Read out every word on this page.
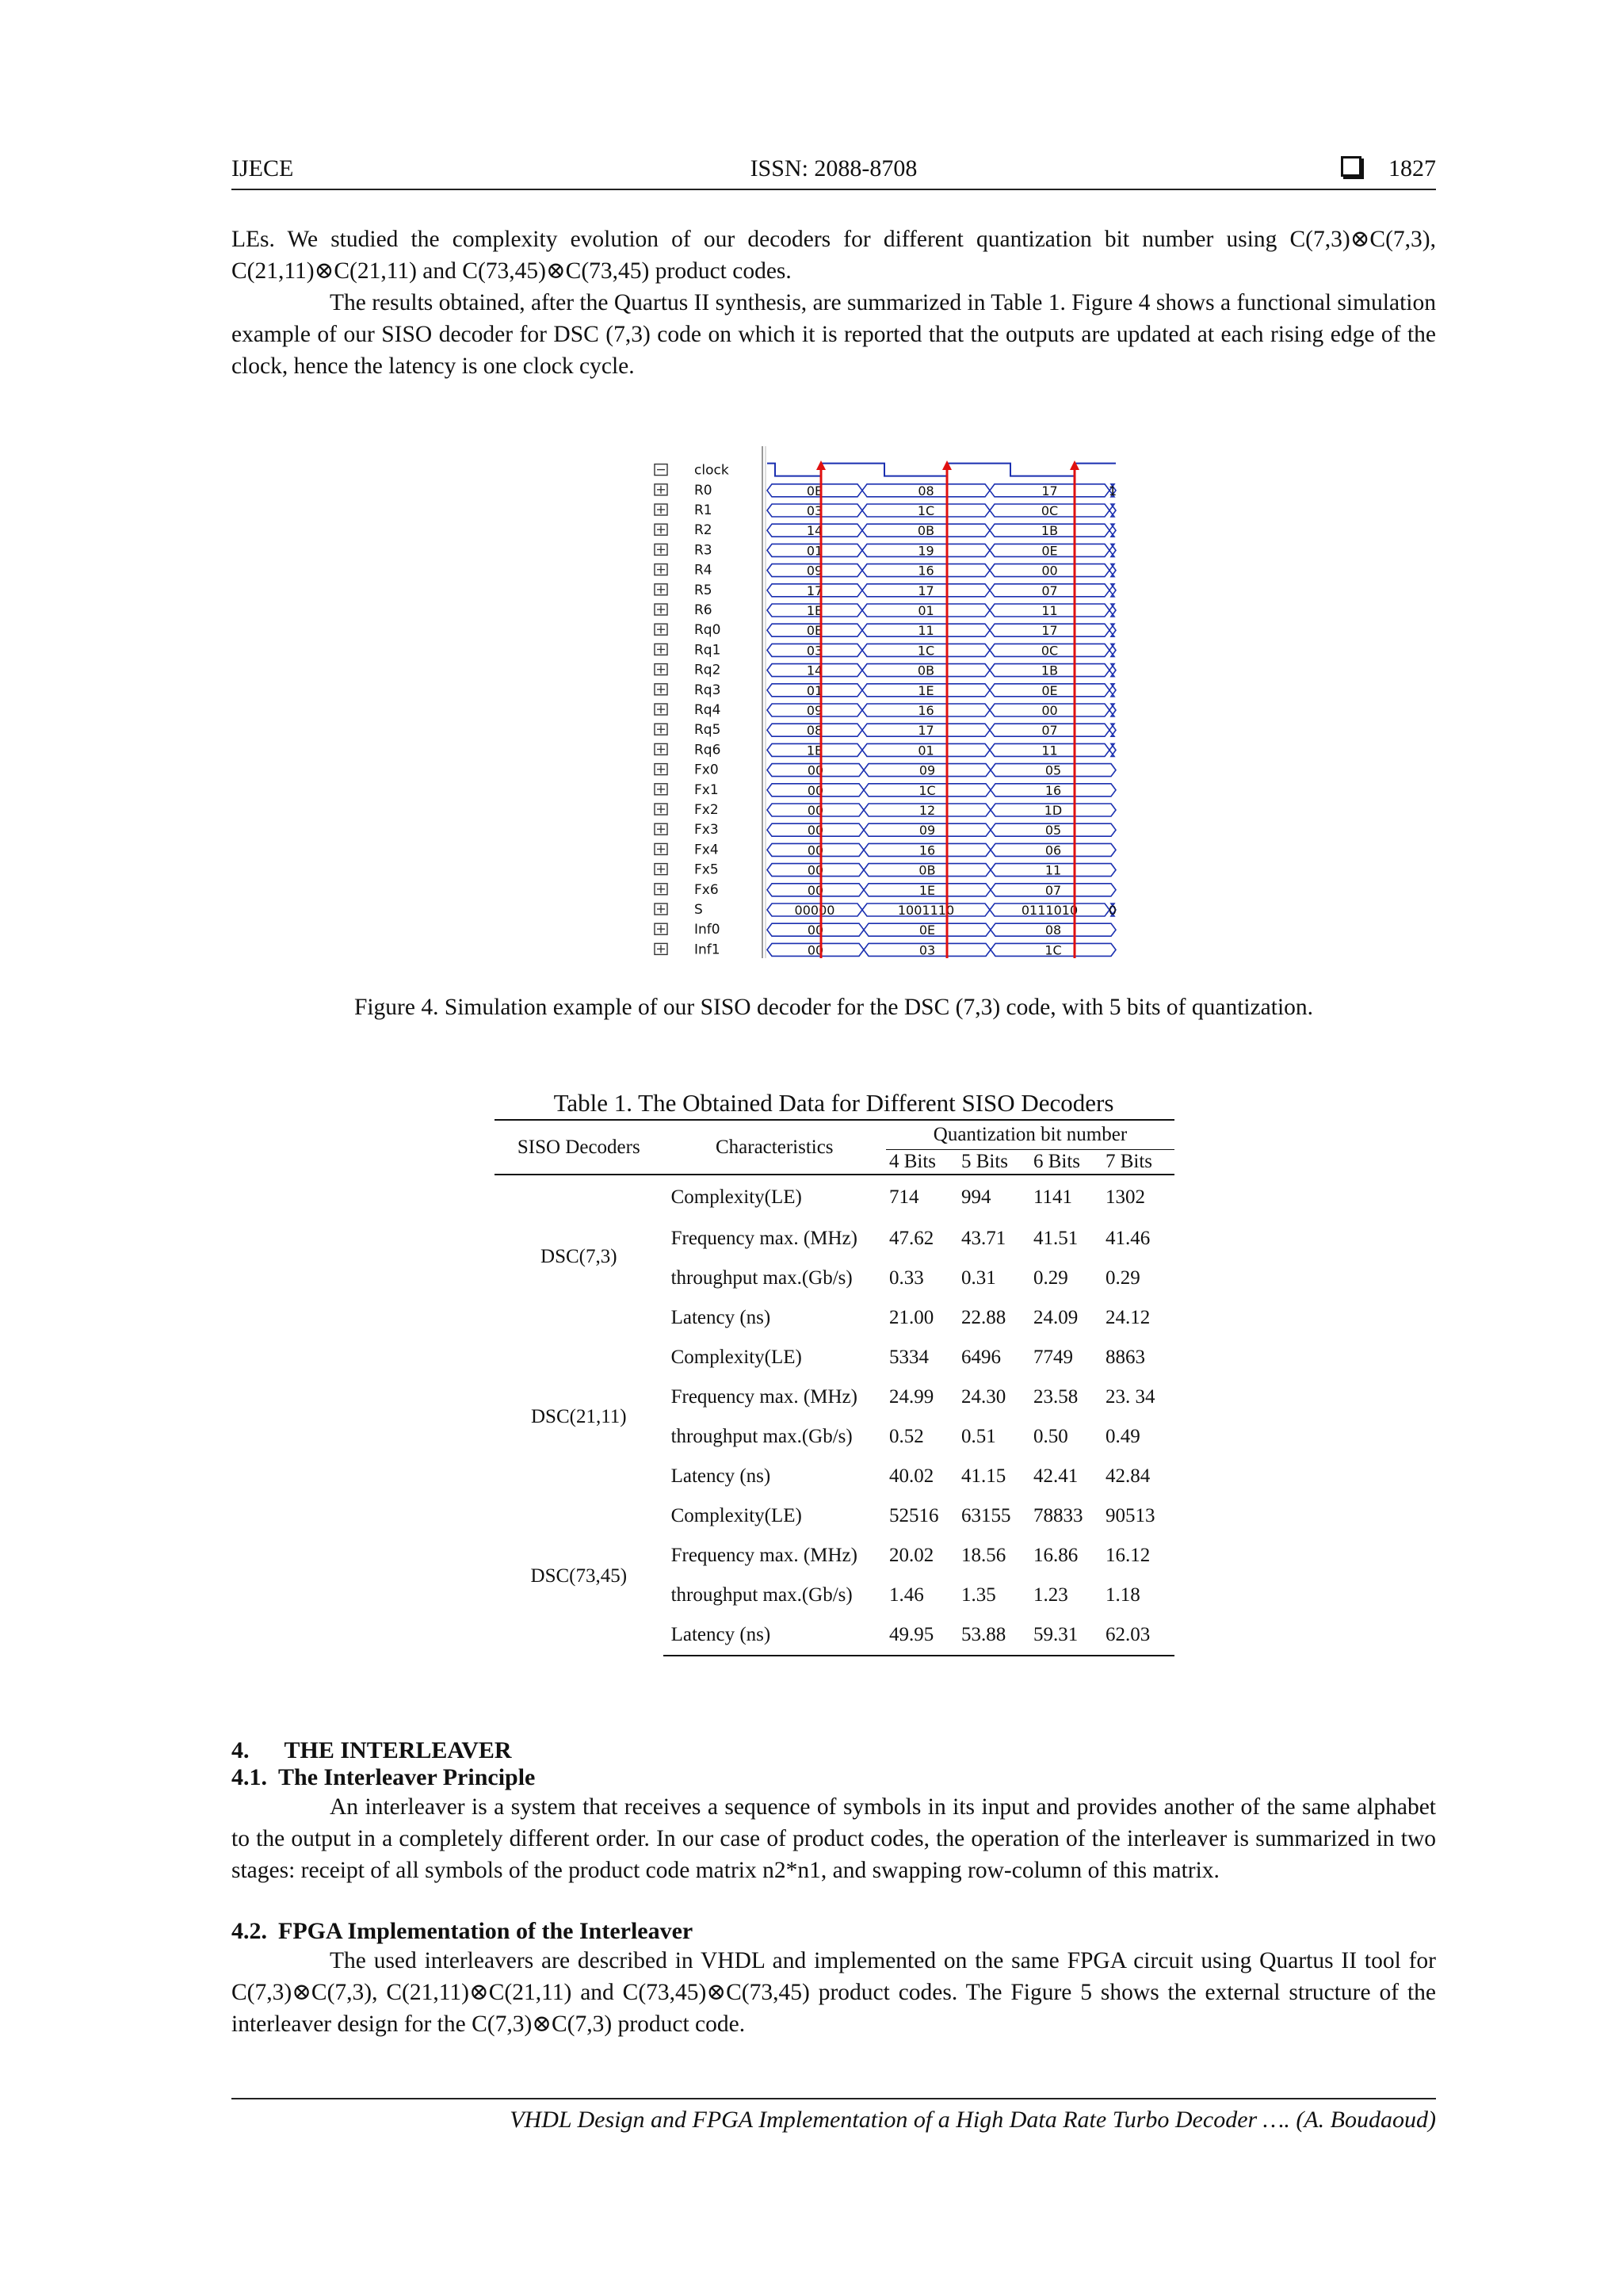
IJECE	ISSN: 2088-8708	1827

LEs. We studied the complexity evolution of our decoders for different quantization bit number using C(7,3)⊗C(7,3), C(21,11)⊗C(21,11) and C(73,45)⊗C(73,45) product codes.

The results obtained, after the Quartus II synthesis, are summarized in Table 1. Figure 4 shows a functional simulation example of our SISO decoder for DSC (7,3) code on which it is reported that the outputs are updated at each rising edge of the clock, hence the latency is one clock cycle.

clock
R0	0E	08	17	1
R1	03	1C	0C
R2	14	0B	1B
R3	01	19	0E
R4	09	16	00
R5	17	17	07
R6	1E	01	11
Rq0	0E	11	17
Rq1	03	1C	0C
Rq2	14	0B	1B
Rq3	01	1E	0E
Rq4	09	16	00
Rq5	08	17	07
Rq6	1E	01	11
Fx0	00	09	05
Fx1	00	1C	16
Fx2	00	12	1D
Fx3	00	09	05
Fx4	00	16	06
Fx5	00	0B	11
Fx6	00	1E	07
S	00000	1001110	0111010 0
Inf0	00	0E	08
Inf1	00	03	1C
Figure 4. Simulation example of our SISO decoder for the DSC (7,3) code, with 5 bits of quantization.
Table 1. The Obtained Data for Different SISO Decoders
SISO Decoders	Characteristics	Quantization bit number			
		4 Bits	5 Bits	6 Bits	7 Bits
DSC(7,3)	Complexity(LE)	714	994	1141	1302
	Frequency max. (MHz)	47.62	43.71	41.51	41.46
	throughput max.(Gb/s)	0.33	0.31	0.29	0.29
	Latency (ns)	21.00	22.88	24.09	24.12
DSC(21,11)	Complexity(LE)	5334	6496	7749	8863
	Frequency max. (MHz)	24.99	24.30	23.58	23. 34
	throughput max.(Gb/s)	0.52	0.51	0.50	0.49
	Latency (ns)	40.02	41.15	42.41	42.84
DSC(73,45)	Complexity(LE)	52516	63155	78833	90513
	Frequency max. (MHz)	20.02	18.56	16.86	16.12
	throughput max.(Gb/s)	1.46	1.35	1.23	1.18
	Latency (ns)	49.95	53.88	59.31	62.03
4. THE INTERLEAVER
4.1. The Interleaver Principle

An interleaver is a system that receives a sequence of symbols in its input and provides another of the same alphabet to the output in a completely different order. In our case of product codes, the operation of the interleaver is summarized in two stages: receipt of all symbols of the product code matrix n2*n1, and swapping row-column of this matrix.

4.2. FPGA Implementation of the Interleaver

The used interleavers are described in VHDL and implemented on the same FPGA circuit using Quartus II tool for C(7,3)⊗C(7,3), C(21,11)⊗C(21,11) and C(73,45)⊗C(73,45) product codes. The Figure 5 shows the external structure of the interleaver design for the C(7,3)⊗C(7,3) product code.

VHDL Design and FPGA Implementation of a High Data Rate Turbo Decoder …. (A. Boudaoud)
